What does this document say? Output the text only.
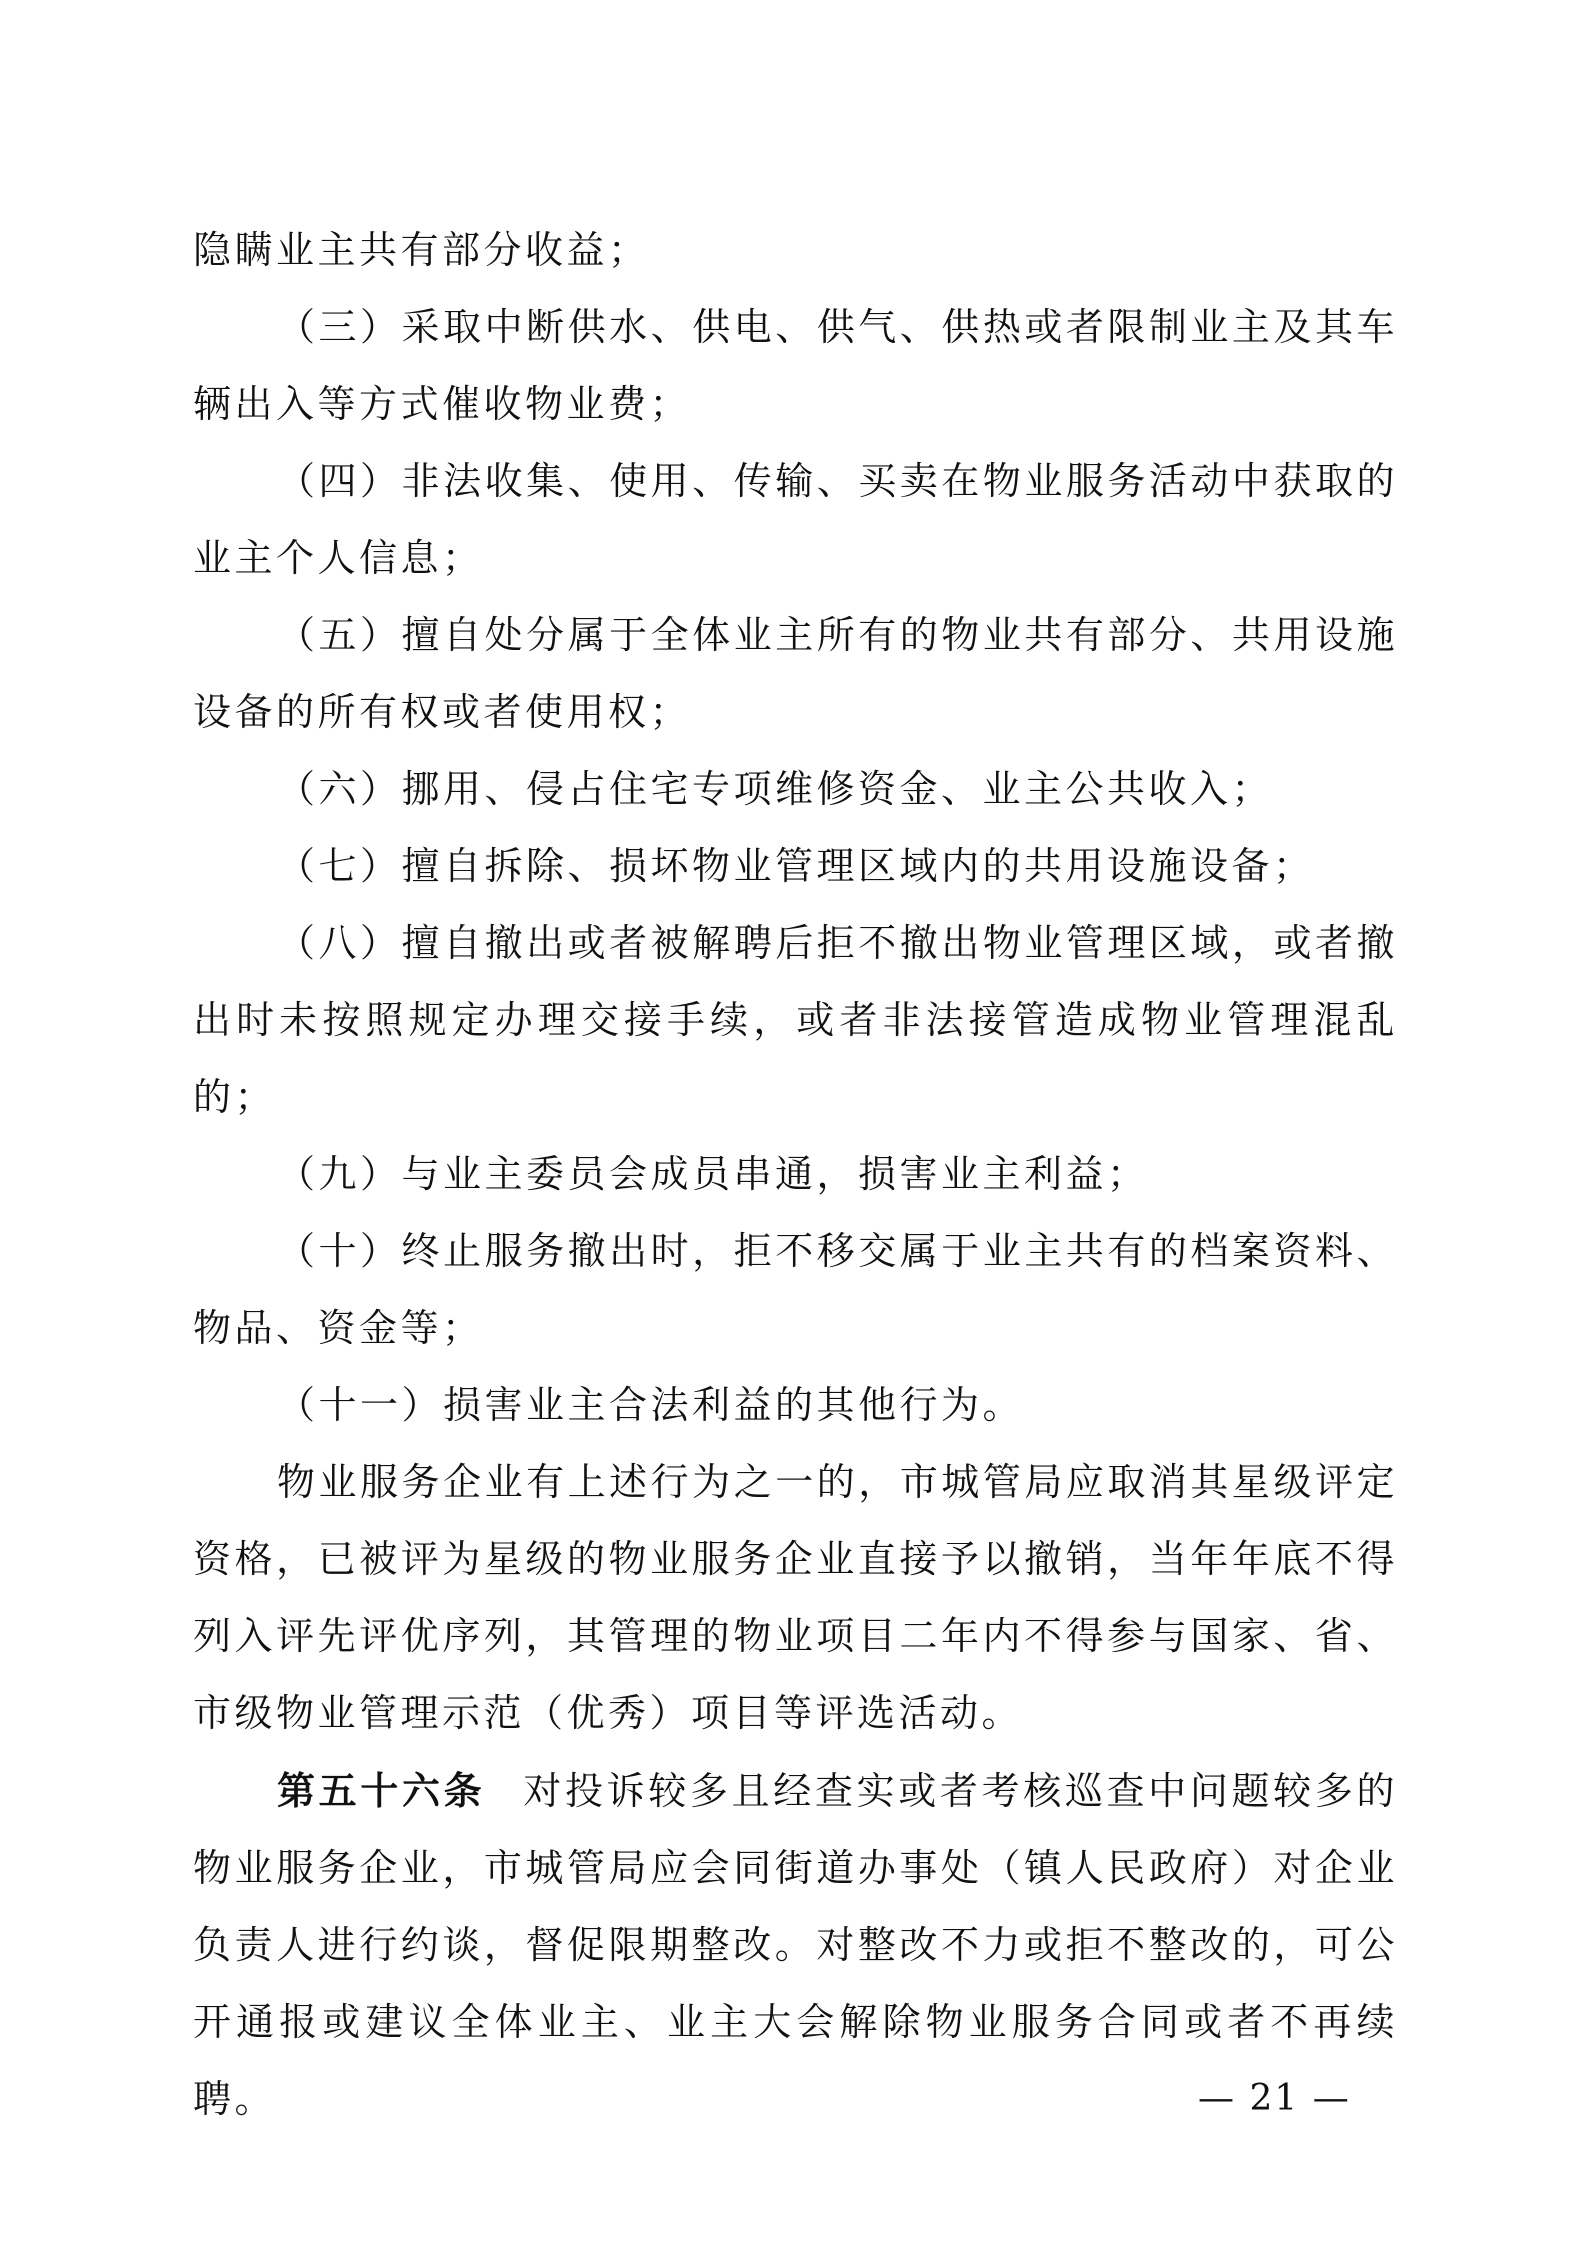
隐瞒业主共有部分收益；

（三）采取中断供水、供电、供气、供热或者限制业主及其车辆出入等方式催收物业费；

（四）非法收集、使用、传输、买卖在物业服务活动中获取的业主个人信息；

（五）擅自处分属于全体业主所有的物业共有部分、共用设施设备的所有权或者使用权；

（六）挪用、侵占住宅专项维修资金、业主公共收入；

（七）擅自拆除、损坏物业管理区域内的共用设施设备；

（八）擅自撤出或者被解聘后拒不撤出物业管理区域，或者撤出时未按照规定办理交接手续，或者非法接管造成物业管理混乱的；

（九）与业主委员会成员串通，损害业主利益；

（十）终止服务撤出时，拒不移交属于业主共有的档案资料、物品、资金等；

（十一）损害业主合法利益的其他行为。

物业服务企业有上述行为之一的，市城管局应取消其星级评定资格，已被评为星级的物业服务企业直接予以撤销，当年年底不得列入评先评优序列，其管理的物业项目二年内不得参与国家、省、市级物业管理示范（优秀）项目等评选活动。

第五十六条 对投诉较多且经查实或者考核巡查中问题较多的物业服务企业，市城管局应会同街道办事处（镇人民政府）对企业负责人进行约谈，督促限期整改。对整改不力或拒不整改的，可公开通报或建议全体业主、业主大会解除物业服务合同或者不再续聘。	— 21 —
